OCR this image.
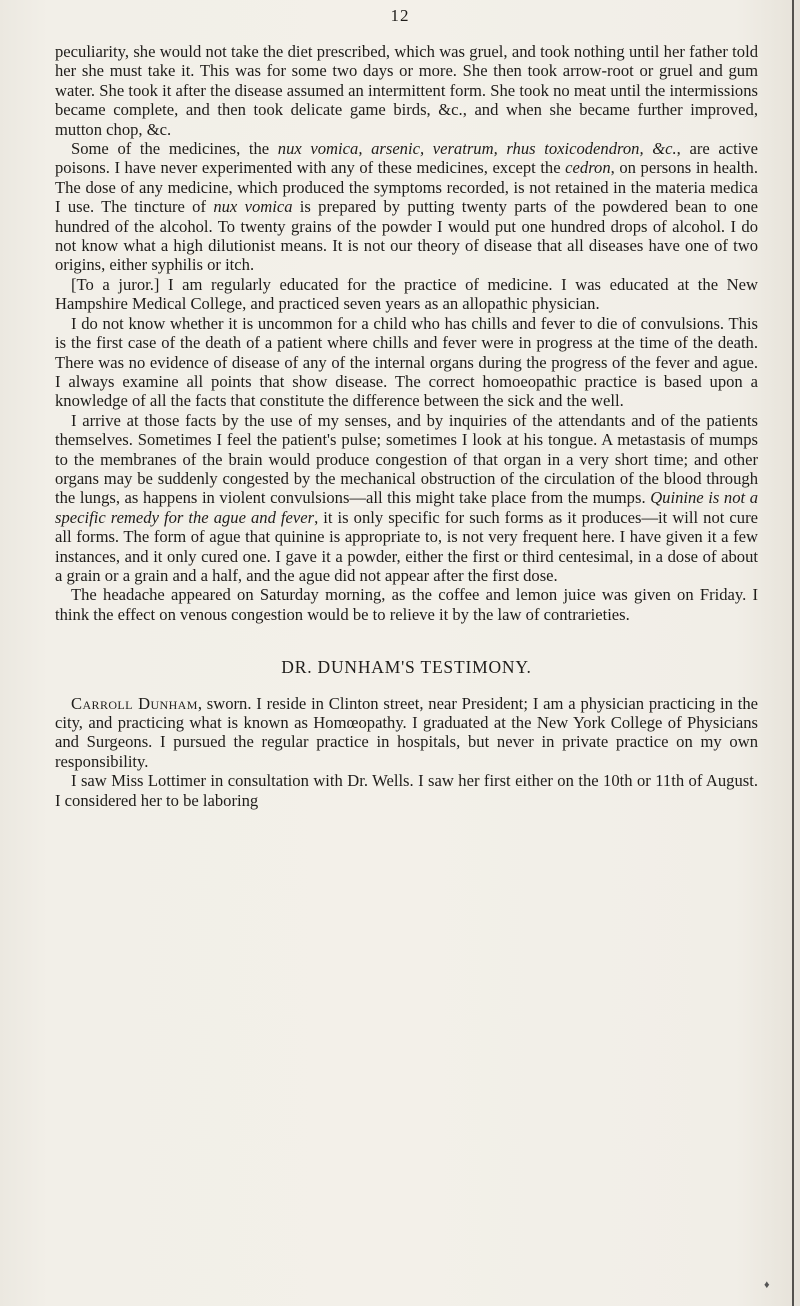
12

peculiarity, she would not take the diet prescribed, which was gruel, and took nothing until her father told her she must take it. This was for some two days or more. She then took arrow-root or gruel and gum water. She took it after the disease assumed an intermittent form. She took no meat until the intermissions became complete, and then took delicate game birds, &c., and when she became further improved, mutton chop, &c.

Some of the medicines, the nux vomica, arsenic, veratrum, rhus toxicodendron, &c., are active poisons. I have never experimented with any of these medicines, except the cedron, on persons in health. The dose of any medicine, which produced the symptoms recorded, is not retained in the materia medica I use. The tincture of nux vomica is prepared by putting twenty parts of the powdered bean to one hundred of the alcohol. To twenty grains of the powder I would put one hundred drops of alcohol. I do not know what a high dilutionist means. It is not our theory of disease that all diseases have one of two origins, either syphilis or itch.

[To a juror.] I am regularly educated for the practice of medicine. I was educated at the New Hampshire Medical College, and practiced seven years as an allopathic physician.

I do not know whether it is uncommon for a child who has chills and fever to die of convulsions. This is the first case of the death of a patient where chills and fever were in progress at the time of the death. There was no evidence of disease of any of the internal organs during the progress of the fever and ague. I always examine all points that show disease. The correct homoeopathic practice is based upon a knowledge of all the facts that constitute the difference between the sick and the well.

I arrive at those facts by the use of my senses, and by inquiries of the attendants and of the patients themselves. Sometimes I feel the patient's pulse; sometimes I look at his tongue. A metastasis of mumps to the membranes of the brain would produce congestion of that organ in a very short time; and other organs may be suddenly congested by the mechanical obstruction of the circulation of the blood through the lungs, as happens in violent convulsions—all this might take place from the mumps. Quinine is not a specific remedy for the ague and fever, it is only specific for such forms as it produces—it will not cure all forms. The form of ague that quinine is appropriate to, is not very frequent here. I have given it a few instances, and it only cured one. I gave it a powder, either the first or third centesimal, in a dose of about a grain or a grain and a half, and the ague did not appear after the first dose.

The headache appeared on Saturday morning, as the coffee and lemon juice was given on Friday. I think the effect on venous congestion would be to relieve it by the law of contrarieties.

DR. DUNHAM'S TESTIMONY.

Carroll Dunham, sworn. I reside in Clinton street, near President; I am a physician practicing in the city, and practicing what is known as Homœopathy. I graduated at the New York College of Physicians and Surgeons. I pursued the regular practice in hospitals, but never in private practice on my own responsibility.

I saw Miss Lottimer in consultation with Dr. Wells. I saw her first either on the 10th or 11th of August. I considered her to be laboring

♦
